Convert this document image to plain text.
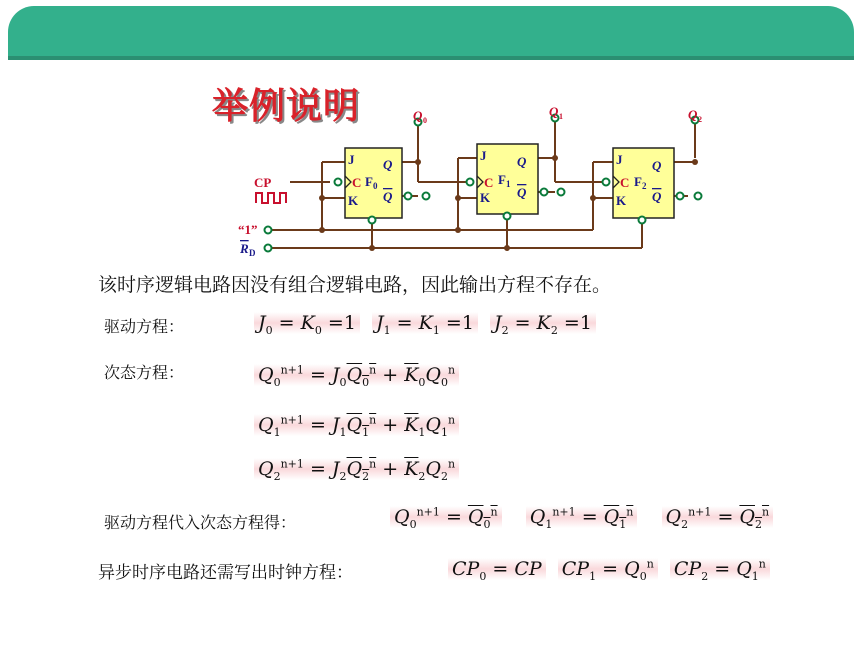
举例说明
CP
“1”
R D
J
K
C F 0
Q
Q
Q 0
J
K
C F 1
Q
Q
Q 1
J
K
C F 2
Q
Q
Q 2
该时序逻辑电路因没有组合逻辑电路，因此输出方程不存在。
驱动方程：	$J_0 = K_0 =1$ $J_1 = K_1 =1$ $J_2 = K_2 =1$
次态方程：	$Q_0^{n+1} = J_0Q_0^n + \overline{K}_0Q_0^n$
$Q_1^{n+1} = J_1Q_1^n + \overline{K}_1Q_1^n$
$Q_2^{n+1} = J_2Q_2^n + \overline{K}_2Q_2^n$
驱动方程代入次态方程得：	$Q_0^{n+1} = Q_0^n$ $Q_1^{n+1} = Q_1^n$ $Q_2^{n+1} = Q_2^n$
异步时序电路还需写出时钟方程：	$CP_0$ = CP $CP_1 = Q_0^n$ $CP_2 = Q_1^n$
